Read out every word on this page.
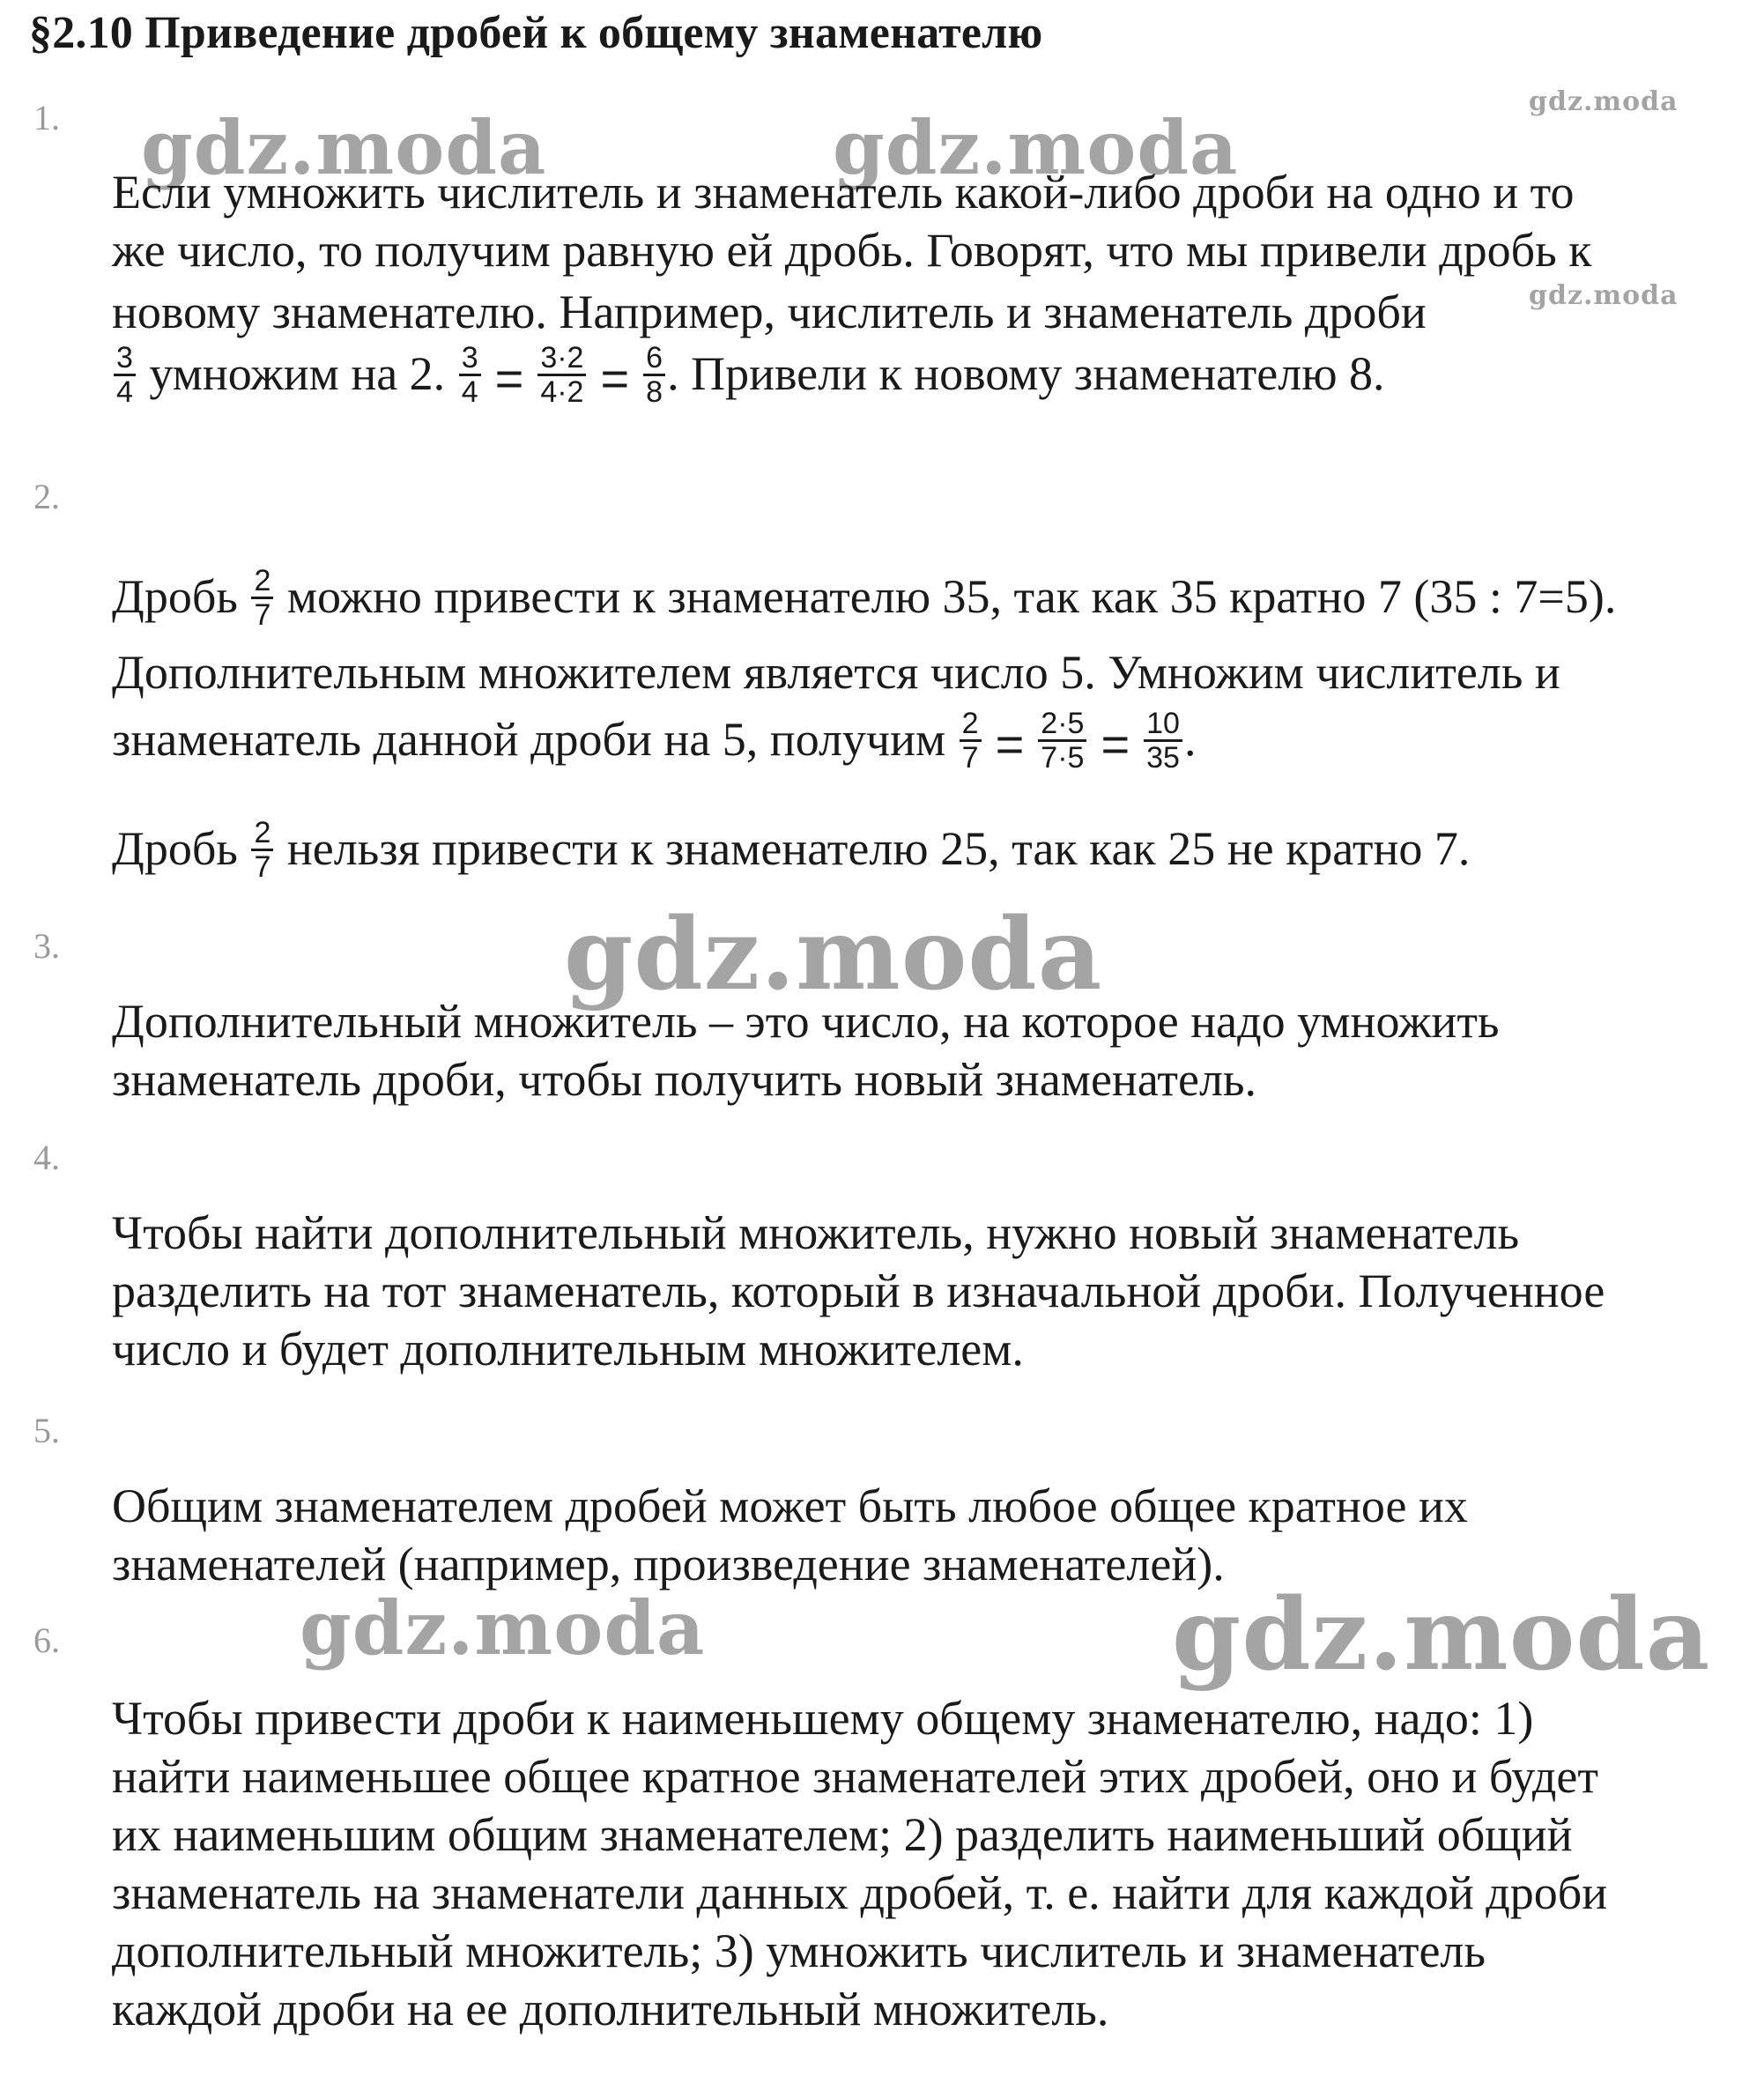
gdz.moda	gdz.moda
gdz.moda
gdz.moda
gdz.moda
gdz.moda	gdz.moda
§2.10 Приведение дробей к общему знаменателю
1.
Если умножить числитель и знаменатель какой-либо дроби на одно и то
же число, то получим равную ей дробь. Говорят, что мы привели дробь к
новому знаменателю. Например, числитель и знаменатель дроби
$\frac{3}{4}$ умножим на 2. $\frac{3}{4} = \frac{3\cdot 2}{4\cdot 2} = \frac{6}{8}$ . Привели к новому знаменателю 8.
2.
Дробь $\frac{2}{7}$ можно привести к знаменателю 35, так как 35 кратно 7 (35 : 7=5).
Дополнительным множителем является число 5. Умножим числитель и
знаменатель данной дроби на 5, получим $\frac{2}{7} = \frac{2\cdot 5}{7\cdot 5} = \frac{10}{35}$ .
Дробь $\frac{2}{7}$ нельзя привести к знаменателю 25, так как 25 не кратно 7.
3.
Дополнительный множитель – это число, на которое надо умножить
знаменатель дроби, чтобы получить новый знаменатель.
4.
Чтобы найти дополнительный множитель, нужно новый знаменатель
разделить на тот знаменатель, который в изначальной дроби. Полученное
число и будет дополнительным множителем.
5.
Общим знаменателем дробей может быть любое общее кратное их
знаменателей (например, произведение знаменателей).
6.
Чтобы привести дроби к наименьшему общему знаменателю, надо: 1)
найти наименьшее общее кратное знаменателей этих дробей, оно и будет
их наименьшим общим знаменателем; 2) разделить наименьший общий
знаменатель на знаменатели данных дробей, т. е. найти для каждой дроби
дополнительный множитель; 3) умножить числитель и знаменатель
каждой дроби на ее дополнительный множитель.
